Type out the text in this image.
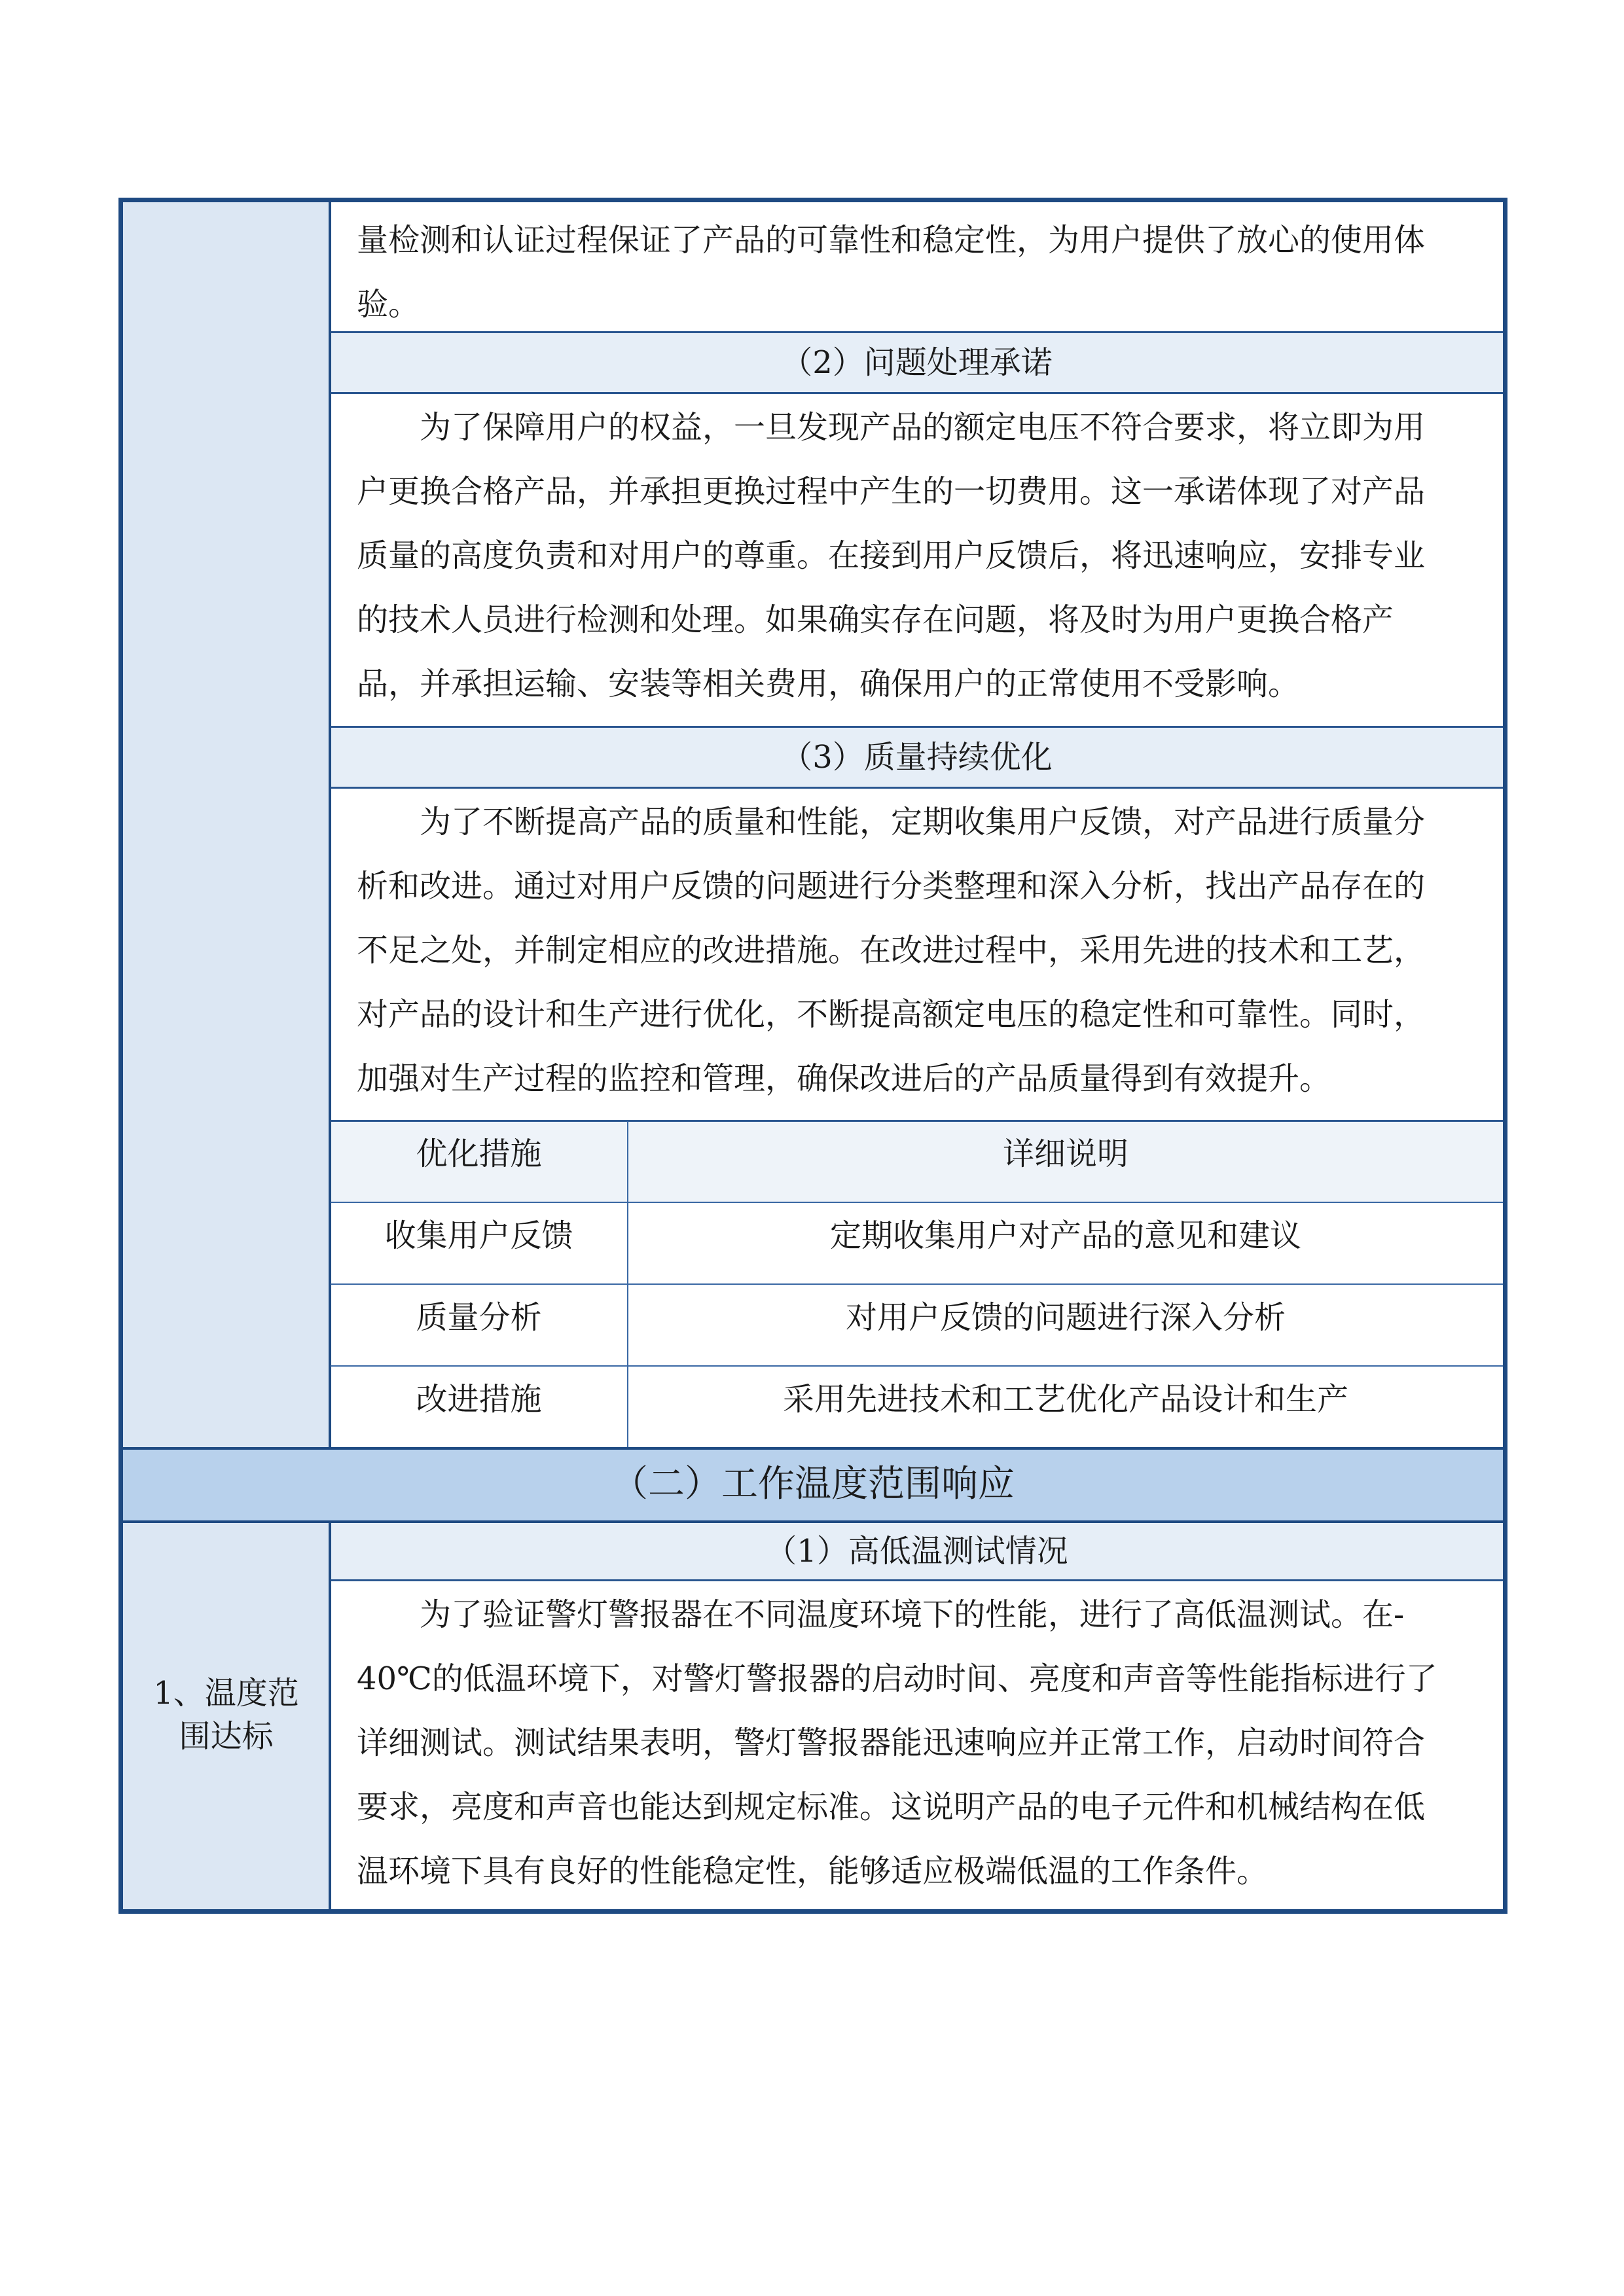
量检测和认证过程保证了产品的可靠性和稳定性，为用户提供了放心的使用体
验。
（2）问题处理承诺
为了保障用户的权益，一旦发现产品的额定电压不符合要求，将立即为用
户更换合格产品，并承担更换过程中产生的一切费用。这一承诺体现了对产品
质量的高度负责和对用户的尊重。在接到用户反馈后，将迅速响应，安排专业
的技术人员进行检测和处理。如果确实存在问题，将及时为用户更换合格产
品，并承担运输、安装等相关费用，确保用户的正常使用不受影响。
（3）质量持续优化
为了不断提高产品的质量和性能，定期收集用户反馈，对产品进行质量分
析和改进。通过对用户反馈的问题进行分类整理和深入分析，找出产品存在的
不足之处，并制定相应的改进措施。在改进过程中，采用先进的技术和工艺，
对产品的设计和生产进行优化，不断提高额定电压的稳定性和可靠性。同时，
加强对生产过程的监控和管理，确保改进后的产品质量得到有效提升。
优化措施	详细说明
收集用户反馈	定期收集用户对产品的意见和建议
质量分析	对用户反馈的问题进行深入分析
改进措施	采用先进技术和工艺优化产品设计和生产
（二）工作温度范围响应
1、温度范
围达标
（1）高低温测试情况
为了验证警灯警报器在不同温度环境下的性能，进行了高低温测试。在-
40℃的低温环境下，对警灯警报器的启动时间、亮度和声音等性能指标进行了
详细测试。测试结果表明，警灯警报器能迅速响应并正常工作，启动时间符合
要求，亮度和声音也能达到规定标准。这说明产品的电子元件和机械结构在低
温环境下具有良好的性能稳定性，能够适应极端低温的工作条件。
